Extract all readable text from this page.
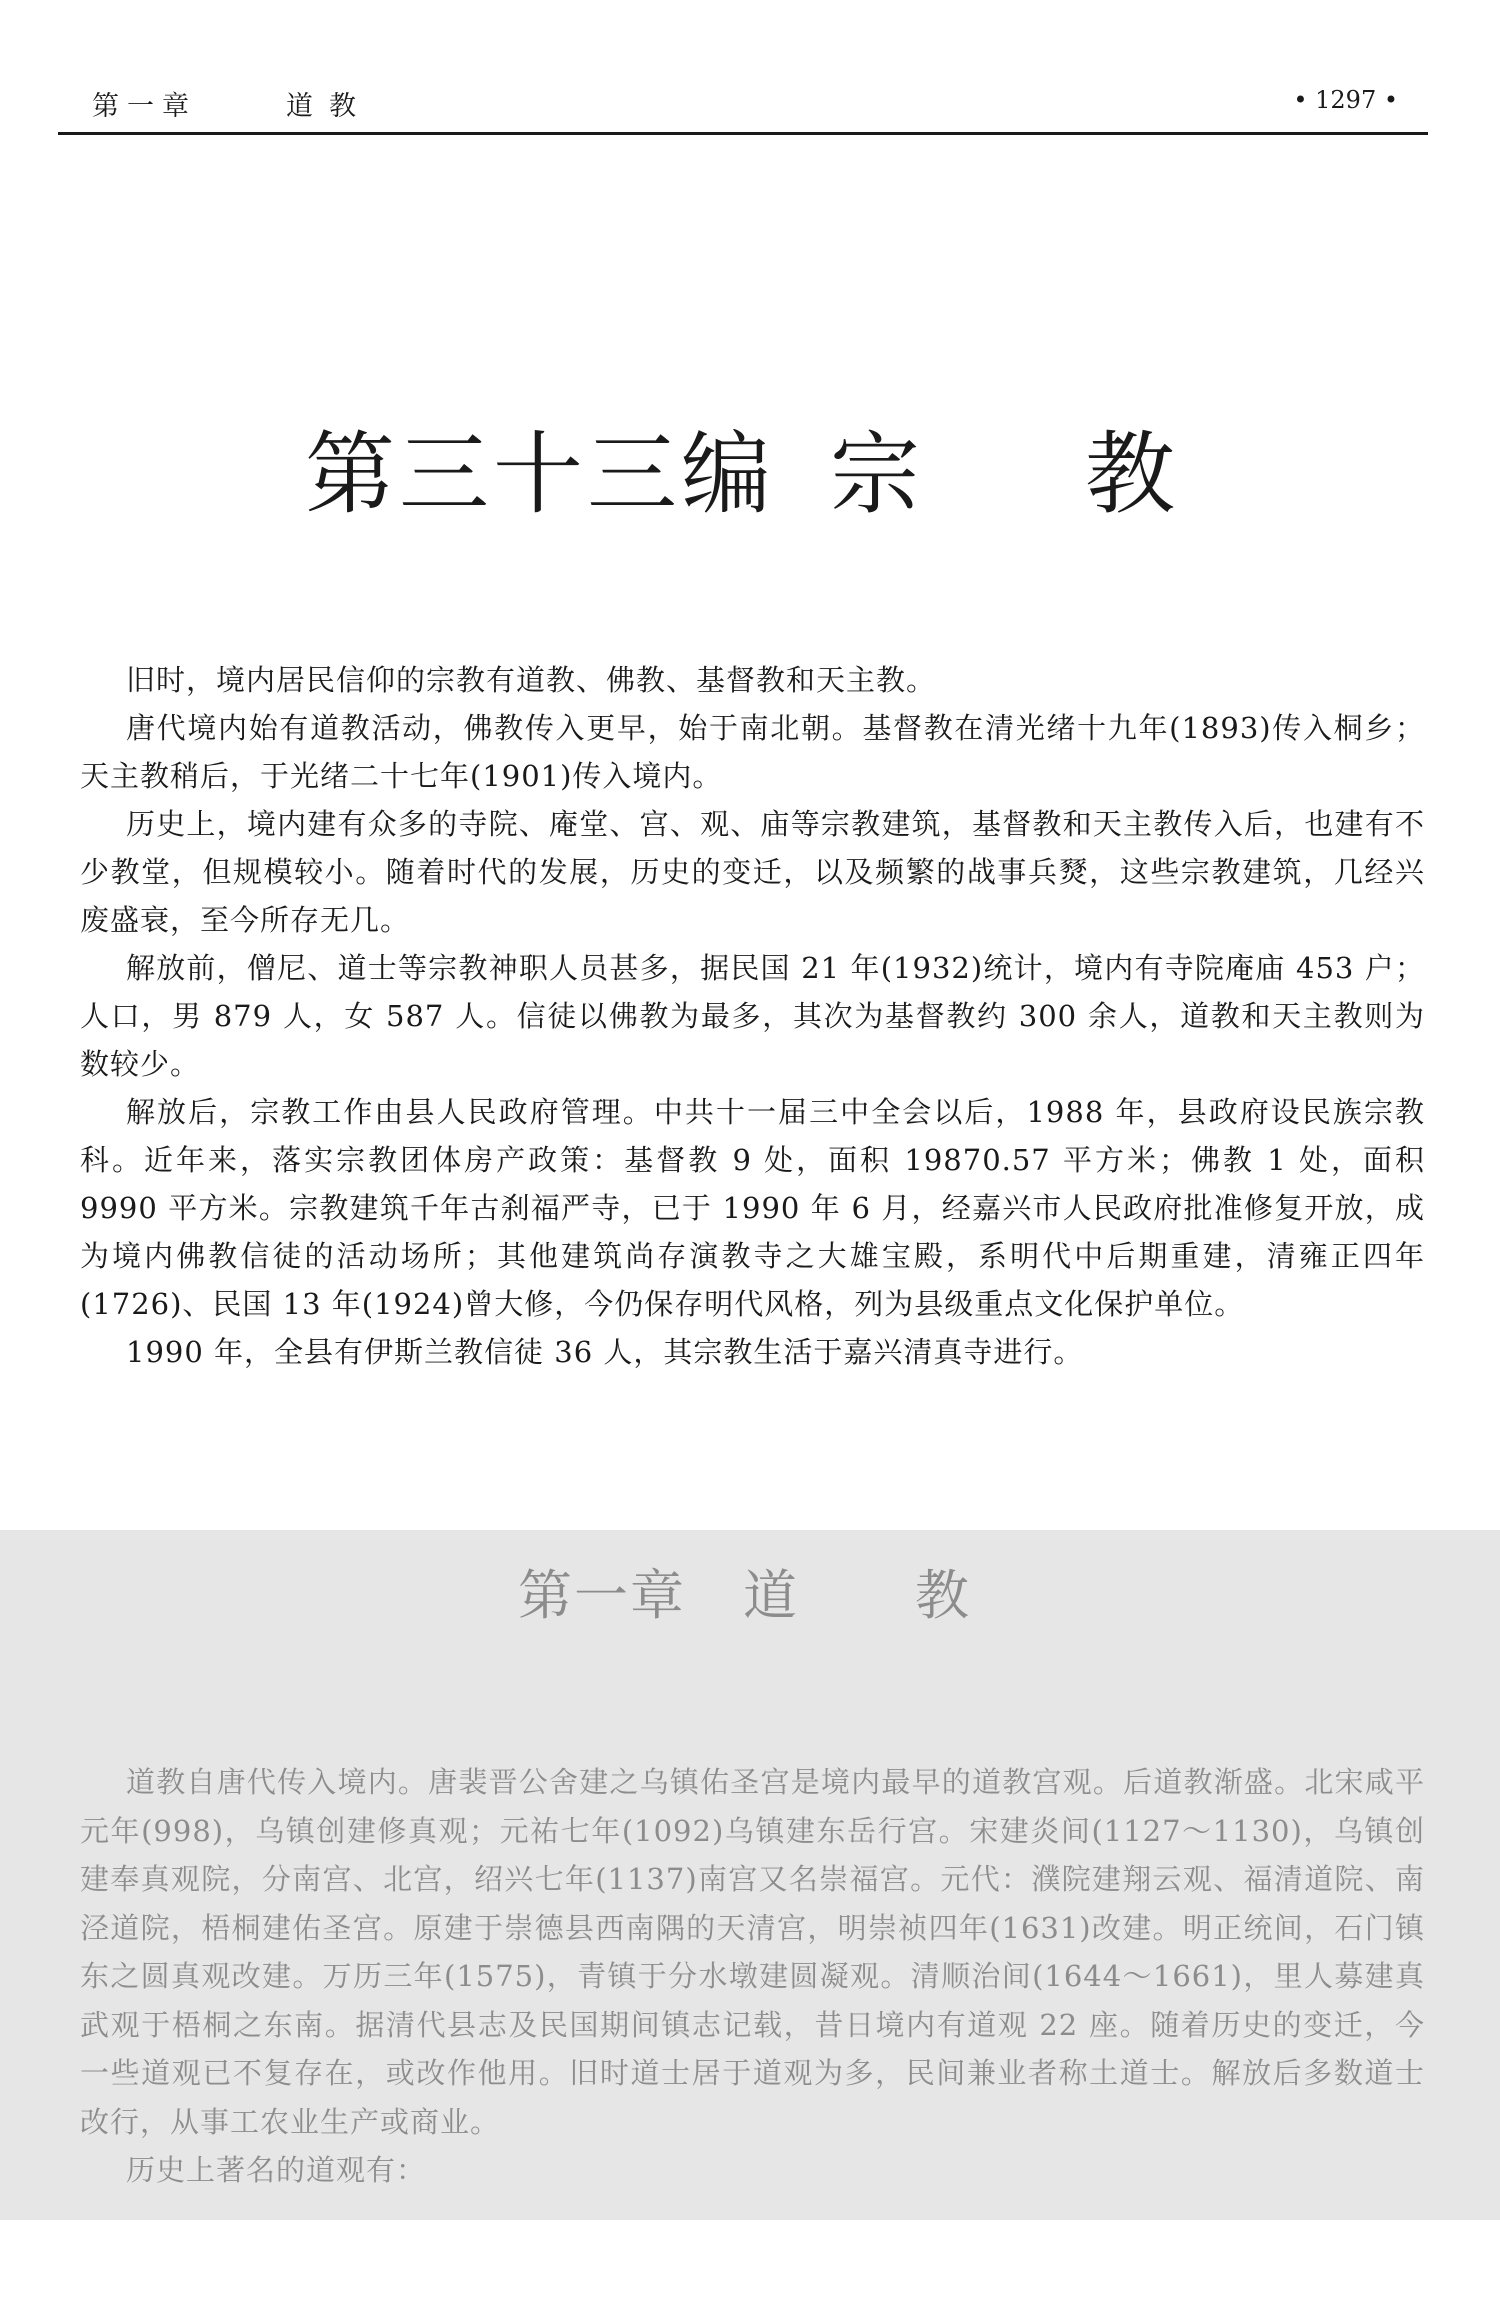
第一章	道教	• 1297 •
第三十三编 宗 教

旧时，境内居民信仰的宗教有道教、佛教、基督教和天主教。

唐代境内始有道教活动，佛教传入更早，始于南北朝。基督教在清光绪十九年(1893)传入桐乡；天主教稍后，于光绪二十七年(1901)传入境内。

历史上，境内建有众多的寺院、庵堂、宫、观、庙等宗教建筑，基督教和天主教传入后，也建有不少教堂，但规模较小。随着时代的发展，历史的变迁，以及频繁的战事兵燹，这些宗教建筑，几经兴废盛衰，至今所存无几。

解放前，僧尼、道士等宗教神职人员甚多，据民国 21 年(1932)统计，境内有寺院庵庙 453 户；人口，男 879 人，女 587 人。信徒以佛教为最多，其次为基督教约 300 余人，道教和天主教则为数较少。

解放后，宗教工作由县人民政府管理。中共十一届三中全会以后，1988 年，县政府设民族宗教科。近年来，落实宗教团体房产政策：基督教 9 处，面积 19870.57 平方米；佛教 1 处，面积 9990 平方米。宗教建筑千年古刹福严寺，已于 1990 年 6 月，经嘉兴市人民政府批准修复开放，成为境内佛教信徒的活动场所；其他建筑尚存演教寺之大雄宝殿，系明代中后期重建，清雍正四年(1726)、民国 13 年(1924)曾大修，今仍保存明代风格，列为县级重点文化保护单位。

1990 年，全县有伊斯兰教信徒 36 人，其宗教生活于嘉兴清真寺进行。

第一章 道 教

道教自唐代传入境内。唐裴晋公舍建之乌镇佑圣宫是境内最早的道教宫观。后道教渐盛。北宋咸平元年(998)，乌镇创建修真观；元祐七年(1092)乌镇建东岳行宫。宋建炎间(1127～1130)，乌镇创建奉真观院，分南宫、北宫，绍兴七年(1137)南宫又名崇福宫。元代：濮院建翔云观、福清道院、南泾道院，梧桐建佑圣宫。原建于崇德县西南隅的天清宫，明崇祯四年(1631)改建。明正统间，石门镇东之圆真观改建。万历三年(1575)，青镇于分水墩建圆凝观。清顺治间(1644～1661)，里人募建真武观于梧桐之东南。据清代县志及民国期间镇志记载，昔日境内有道观 22 座。随着历史的变迁，今一些道观已不复存在，或改作他用。旧时道士居于道观为多，民间兼业者称土道士。解放后多数道士改行，从事工农业生产或商业。

历史上著名的道观有：
